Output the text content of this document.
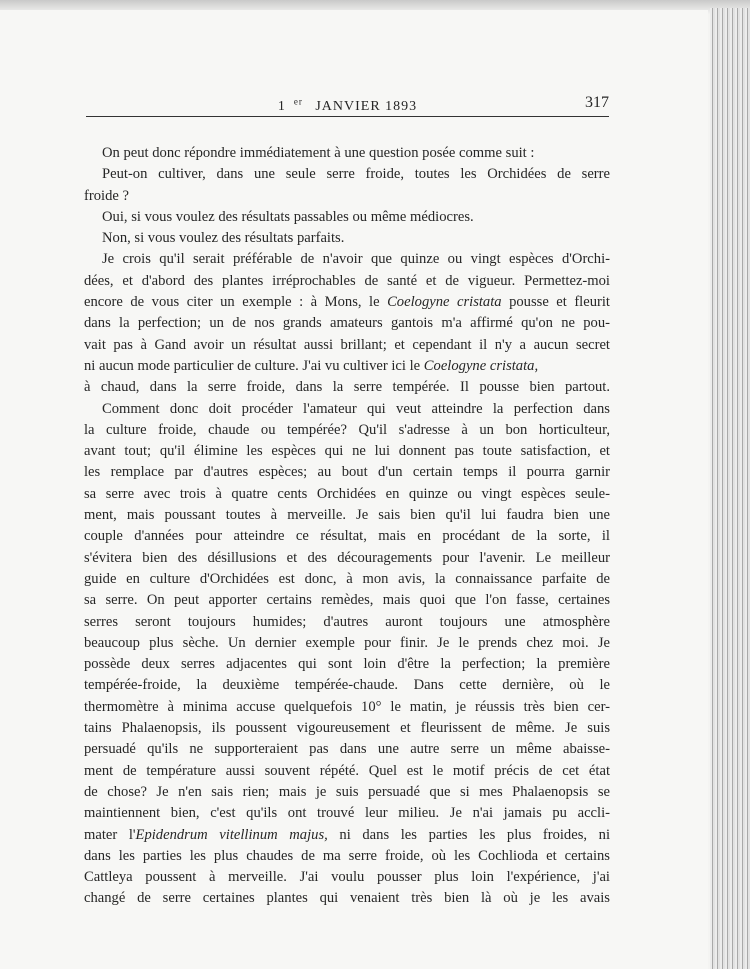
1 $^{er}$ JANVIER 1893	317
On peut donc répondre immédiatement à une question posée comme suit :
Peut-on cultiver, dans une seule serre froide, toutes les Orchidées de serre
froide ?
Oui, si vous voulez des résultats passables ou même médiocres.
Non, si vous voulez des résultats parfaits.
Je crois qu'il serait préférable de n'avoir que quinze ou vingt espèces d'Orchi-
dées, et d'abord des plantes irréprochables de santé et de vigueur. Permettez-moi
encore de vous citer un exemple : à Mons, le Coelogyne cristata pousse et fleurit
dans la perfection; un de nos grands amateurs gantois m'a affirmé qu'on ne pou-
vait pas à Gand avoir un résultat aussi brillant; et cependant il n'y a aucun secret
ni aucun mode particulier de culture. J'ai vu cultiver ici le Coelogyne cristata,
à chaud, dans la serre froide, dans la serre tempérée. Il pousse bien partout.
Comment donc doit procéder l'amateur qui veut atteindre la perfection dans
la culture froide, chaude ou tempérée? Qu'il s'adresse à un bon horticulteur,
avant tout; qu'il élimine les espèces qui ne lui donnent pas toute satisfaction, et
les remplace par d'autres espèces; au bout d'un certain temps il pourra garnir
sa serre avec trois à quatre cents Orchidées en quinze ou vingt espèces seule-
ment, mais poussant toutes à merveille. Je sais bien qu'il lui faudra bien une
couple d'années pour atteindre ce résultat, mais en procédant de la sorte, il
s'évitera bien des désillusions et des découragements pour l'avenir. Le meilleur
guide en culture d'Orchidées est donc, à mon avis, la connaissance parfaite de
sa serre. On peut apporter certains remèdes, mais quoi que l'on fasse, certaines
serres seront toujours humides; d'autres auront toujours une atmosphère
beaucoup plus sèche. Un dernier exemple pour finir. Je le prends chez moi. Je
possède deux serres adjacentes qui sont loin d'être la perfection; la première
tempérée-froide, la deuxième tempérée-chaude. Dans cette dernière, où le
thermomètre à minima accuse quelquefois 10° le matin, je réussis très bien cer-
tains Phalaenopsis, ils poussent vigoureusement et fleurissent de même. Je suis
persuadé qu'ils ne supporteraient pas dans une autre serre un même abaisse-
ment de température aussi souvent répété. Quel est le motif précis de cet état
de chose? Je n'en sais rien; mais je suis persuadé que si mes Phalaenopsis se
maintiennent bien, c'est qu'ils ont trouvé leur milieu. Je n'ai jamais pu accli-
mater l'Epidendrum vitellinum majus, ni dans les parties les plus froides, ni
dans les parties les plus chaudes de ma serre froide, où les Cochlioda et certains
Cattleya poussent à merveille. J'ai voulu pousser plus loin l'expérience, j'ai
changé de serre certaines plantes qui venaient très bien là où je les avais
